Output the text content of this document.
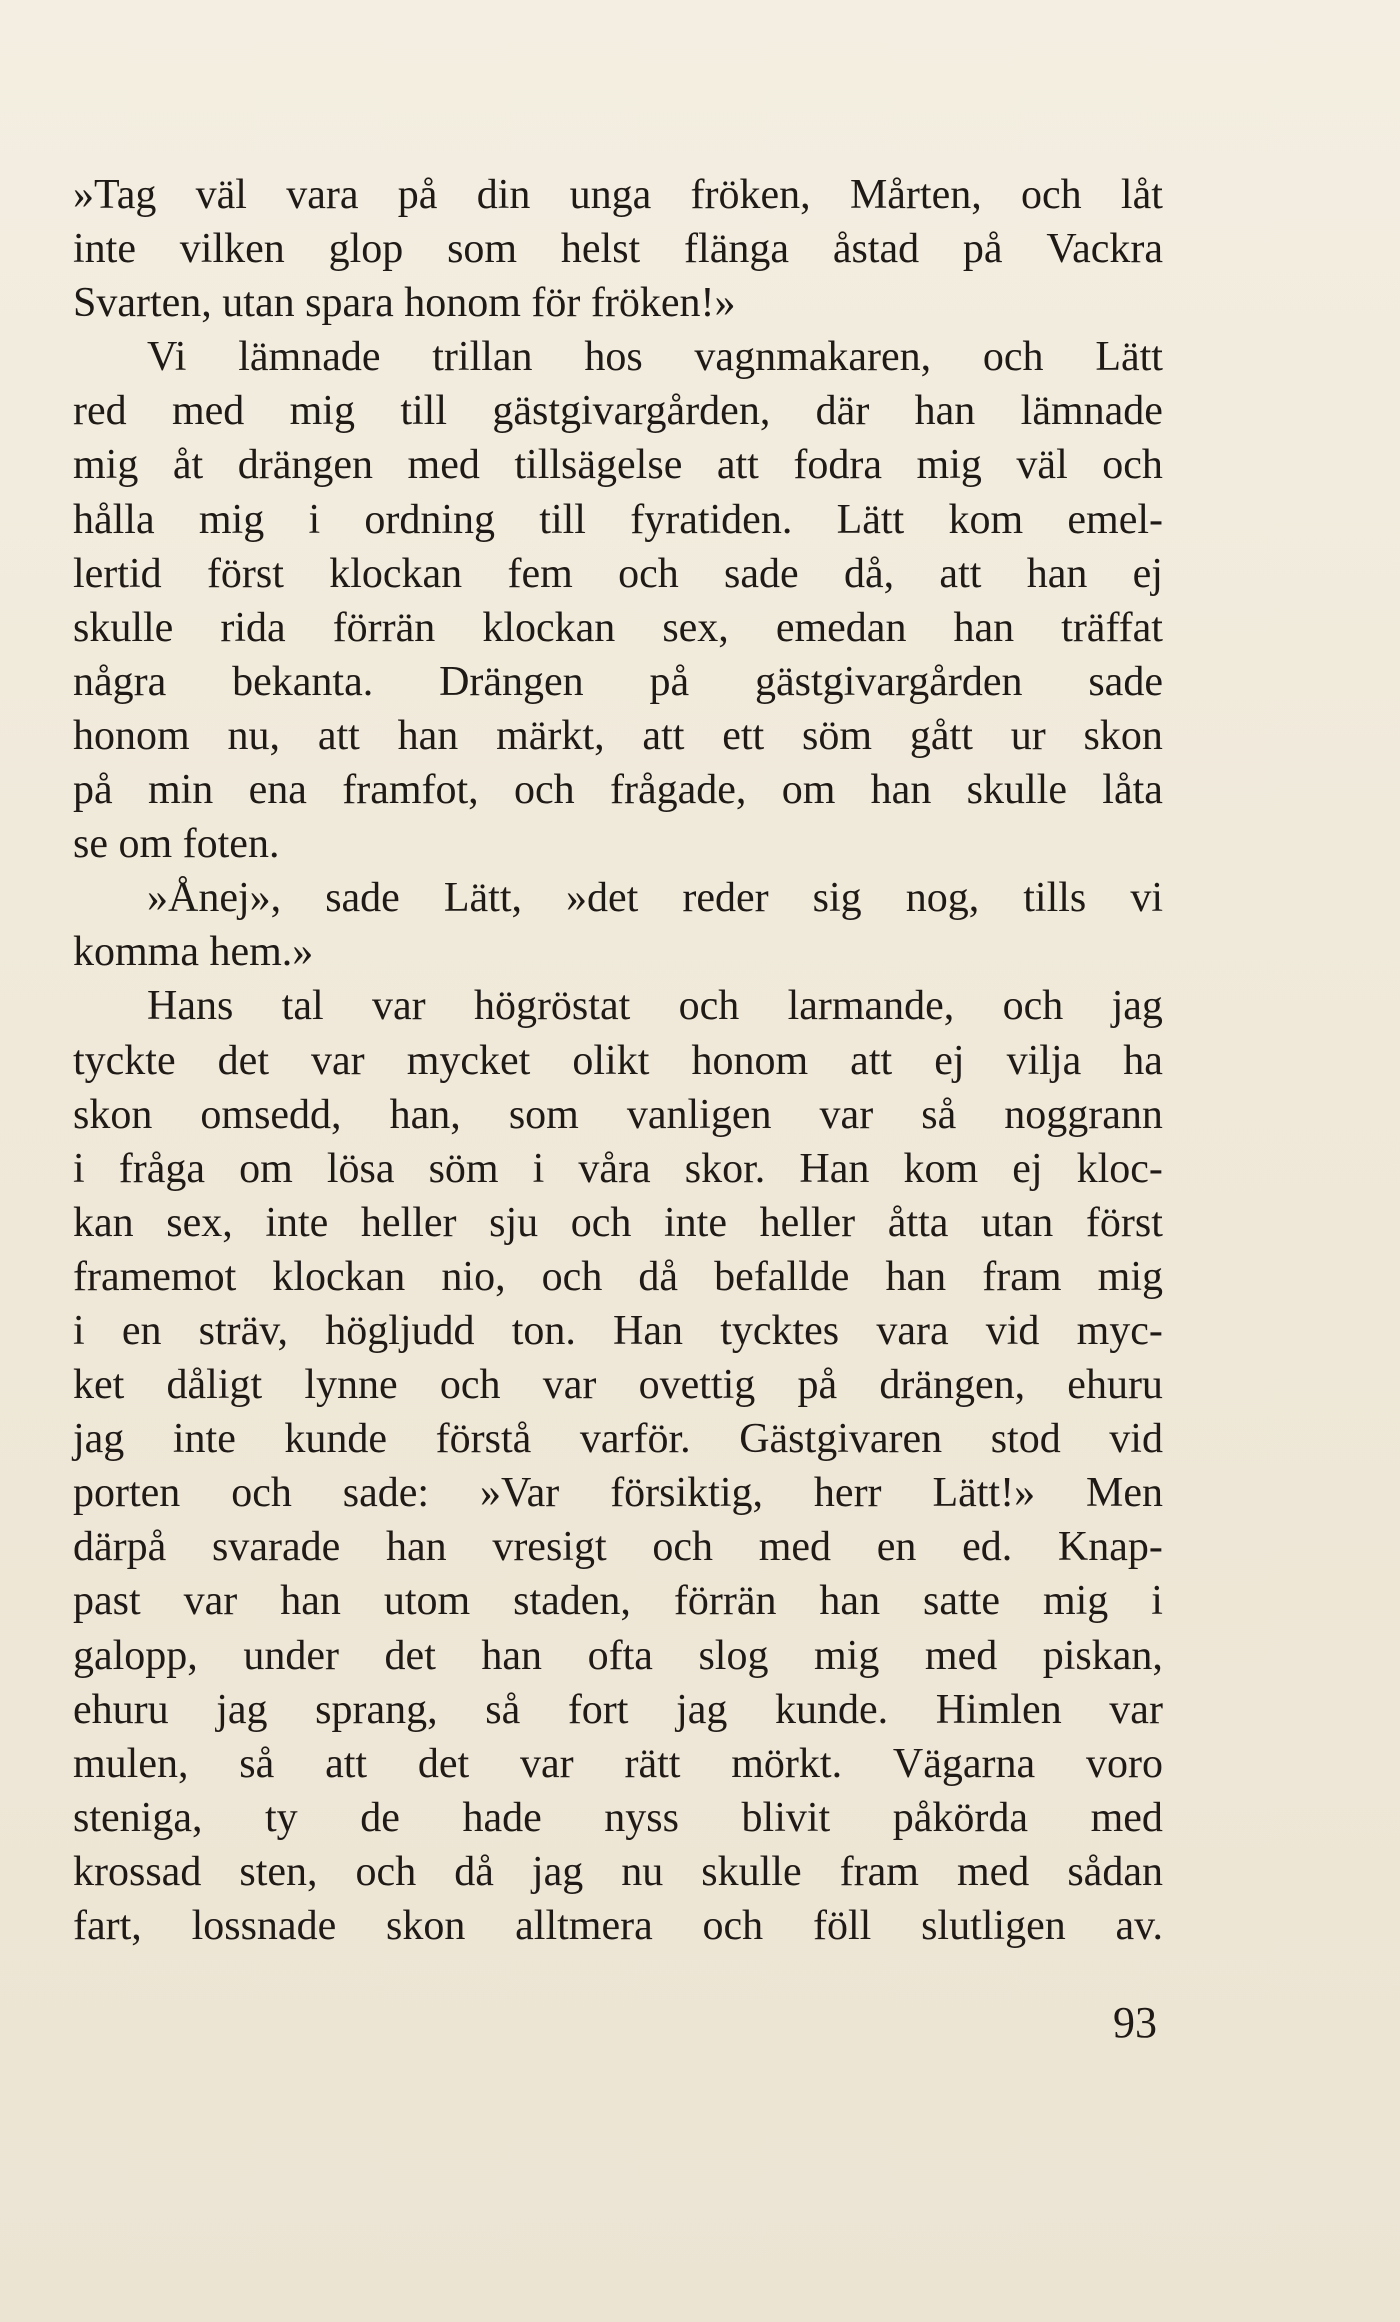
»Tag väl vara på din unga fröken, Mårten, och låt
inte vilken glop som helst flänga åstad på Vackra
Svarten, utan spara honom för fröken!»
Vi lämnade trillan hos vagnmakaren, och Lätt
red med mig till gästgivargården, där han lämnade
mig åt drängen med tillsägelse att fodra mig väl och
hålla mig i ordning till fyratiden. Lätt kom emel-
lertid först klockan fem och sade då, att han ej
skulle rida förrän klockan sex, emedan han träffat
några bekanta. Drängen på gästgivargården sade
honom nu, att han märkt, att ett söm gått ur skon
på min ena framfot, och frågade, om han skulle låta
se om foten.
»Ånej», sade Lätt, »det reder sig nog, tills vi
komma hem.»
Hans tal var högröstat och larmande, och jag
tyckte det var mycket olikt honom att ej vilja ha
skon omsedd, han, som vanligen var så noggrann
i fråga om lösa söm i våra skor. Han kom ej kloc-
kan sex, inte heller sju och inte heller åtta utan först
framemot klockan nio, och då befallde han fram mig
i en sträv, högljudd ton. Han tycktes vara vid myc-
ket dåligt lynne och var ovettig på drängen, ehuru
jag inte kunde förstå varför. Gästgivaren stod vid
porten och sade: »Var försiktig, herr Lätt!» Men
därpå svarade han vresigt och med en ed. Knap-
past var han utom staden, förrän han satte mig i
galopp, under det han ofta slog mig med piskan,
ehuru jag sprang, så fort jag kunde. Himlen var
mulen, så att det var rätt mörkt. Vägarna voro
steniga, ty de hade nyss blivit påkörda med
krossad sten, och då jag nu skulle fram med sådan
fart, lossnade skon alltmera och föll slutligen av.
93
